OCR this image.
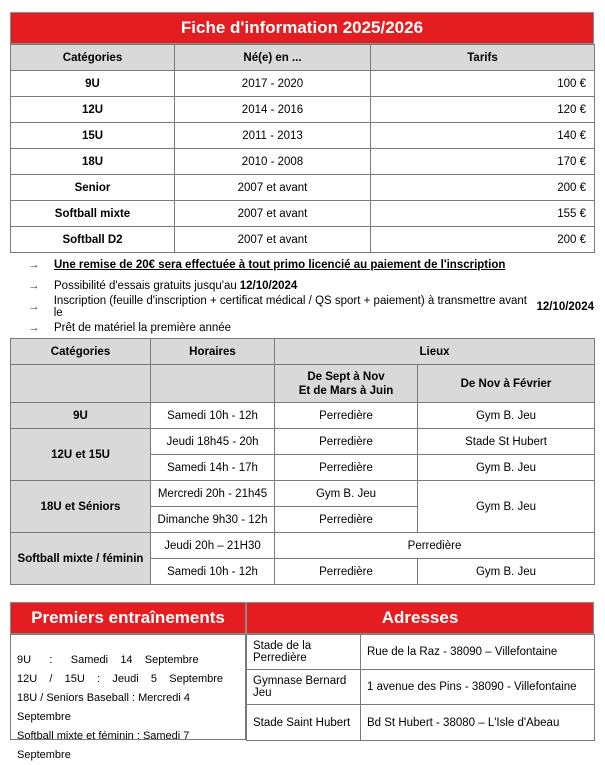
Fiche d'information 2025/2026
Catégories	Né(e) en ...	Tarifs
9U	2017 - 2020	100 €
12U	2014 - 2016	120 €
15U	2011 - 2013	140 €
18U	2010 - 2008	170 €
Senior	2007 et avant	200 €
Softball mixte	2007 et avant	155 €
Softball D2	2007 et avant	200 €
→	Une remise de 20€ sera effectuée à tout primo licencié au paiement de l'inscription
→	Possibilité d'essais gratuits jusqu'au 12/10/2024
→	Inscription (feuille d'inscription + certificat médical / QS sport + paiement) à transmettre avant le	12/10/2024
→	Prêt de matériel la première année
Catégories	Horaires	Lieux	
		De Sept à Nov
Et de Mars à Juin	De Nov à Février
9U	Samedi 10h - 12h	Perredière	Gym B. Jeu
12U et 15U	Jeudi 18h45 - 20h	Perredière	Stade St Hubert
	Samedi 14h - 17h	Perredière	Gym B. Jeu
18U et Séniors	Mercredi 20h - 21h45	Gym B. Jeu	Gym B. Jeu
	Dimanche 9h30 - 12h	Perredière	
Softball mixte / féminin	Jeudi 20h – 21H30	Perredière	
	Samedi 10h - 12h	Perredière	Gym B. Jeu
Premiers entraînements
9U      :      Samedi    14    Septembre
12U    /    15U    :    Jeudi    5    Septembre
18U / Seniors Baseball : Mercredi 4 Septembre
Softball mixte et féminin : Samedi 7 Septembre
Adresses
Stade de la Perredière	Rue de la Raz - 38090 – Villefontaine
Gymnase Bernard Jeu	1 avenue des Pins - 38090 - Villefontaine
Stade Saint Hubert	Bd St Hubert - 38080 – L'Isle d'Abeau
